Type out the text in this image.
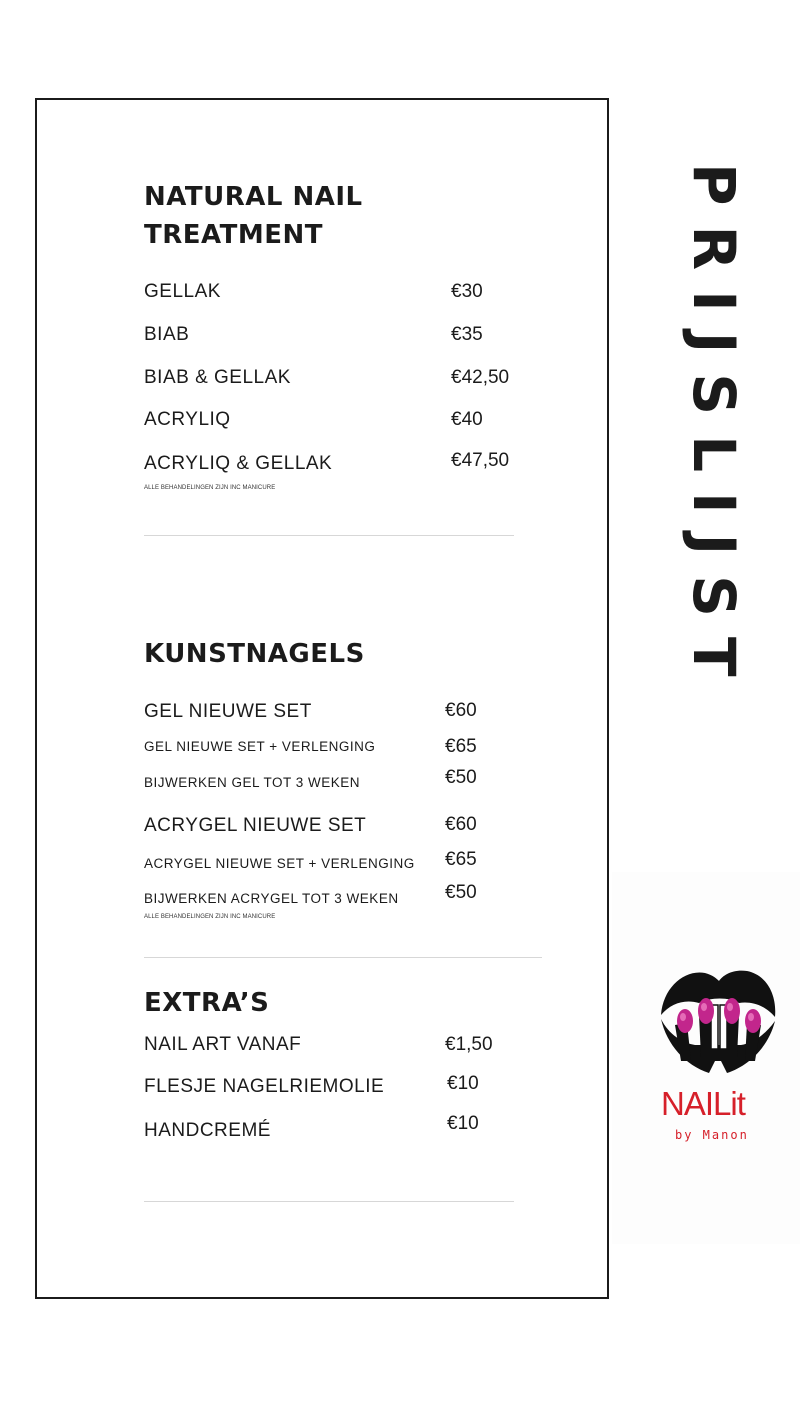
NATURAL NAIL TREATMENT
GELLAK	€30
BIAB	€35
BIAB & GELLAK	€42,50
ACRYLIQ	€40
ACRYLIQ & GELLAK	€47,50
ALLE BEHANDELINGEN ZIJN INC MANICURE
KUNSTNAGELS
GEL NIEUWE SET	€60
GEL NIEUWE SET + VERLENGING	€65
BIJWERKEN GEL TOT 3 WEKEN	€50
ACRYGEL NIEUWE SET	€60
ACRYGEL NIEUWE SET + VERLENGING €65
BIJWERKEN ACRYGEL TOT 3 WEKEN €50
ALLE BEHANDELINGEN ZIJN INC MANICURE
EXTRA’S
NAIL ART VANAF	€1,50
FLESJE NAGELRIEMOLIE	€10
HANDCREMÉ	€10
PRIJSLIJST
NAILit
by Manon
